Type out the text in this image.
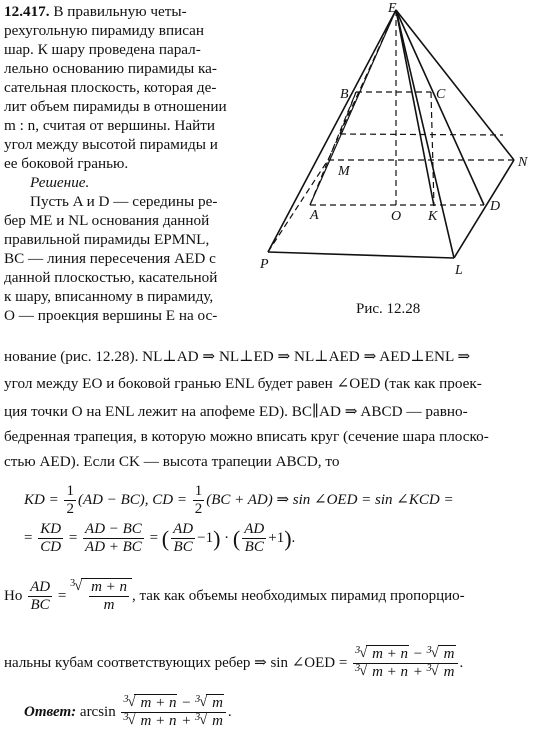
12.417. В правильную четы-
рехугольную пирамиду вписан
шар. К шару проведена парал-
лельно основанию пирамиды ка-
сательная плоскость, которая де-
лит объем пирамиды в отношении
m : n, считая от вершины. Найти
угол между высотой пирамиды и
ее боковой гранью.
Решение.
Пусть A и D — середины ре-
бер ME и NL основания данной
правильной пирамиды EPMNL,
BC — линия пересечения AED с
данной плоскостью, касательной
к шару, вписанному в пирамиду,
O — проекция вершины E на ос-
E
B	C
M
N
A	O K
D
P	L
Рис. 12.28
нование (рис. 12.28). NL⊥AD ⇒ NL⊥ED ⇒ NL⊥AED ⇒ AED⊥ENL ⇒
угол между EO и боковой гранью ENL будет равен ∠OED (так как проек-
ция точки O на ENL лежит на апофеме ED). BC∥AD ⇒ ABCD — равно-
бедренная трапеция, в которую можно вписать круг (сечение шара плоско-
стью AED). Если CK — высота трапеции ABCD, то
KD = $\frac{1}{2} (AD - BC)$, CD = $\frac{1}{2} (BC + AD)$ ⇒ sin ∠OED = sin ∠KCD =
= $\frac{KD}{CD} = \frac{AD - BC}{AD + BC}$ = ( $\frac{AD}{BC} -1$) · ( $\frac{AD}{BC} +1$).
Но $\frac{AD}{BC}$ =
3 √ $\frac{m + n}{m}$ , так как объемы необходимых пирамид пропорцио-
нальны кубам соответствующих ребер ⇒ sin ∠OED = $\frac{3 √ m + n - 3 √ m}{3 √ m + n + 3 √ m}$ .
Ответ: $\arcsin \frac{3 √ m + n - 3 √ m}{3 √ m + n + 3 √ m}$ .
